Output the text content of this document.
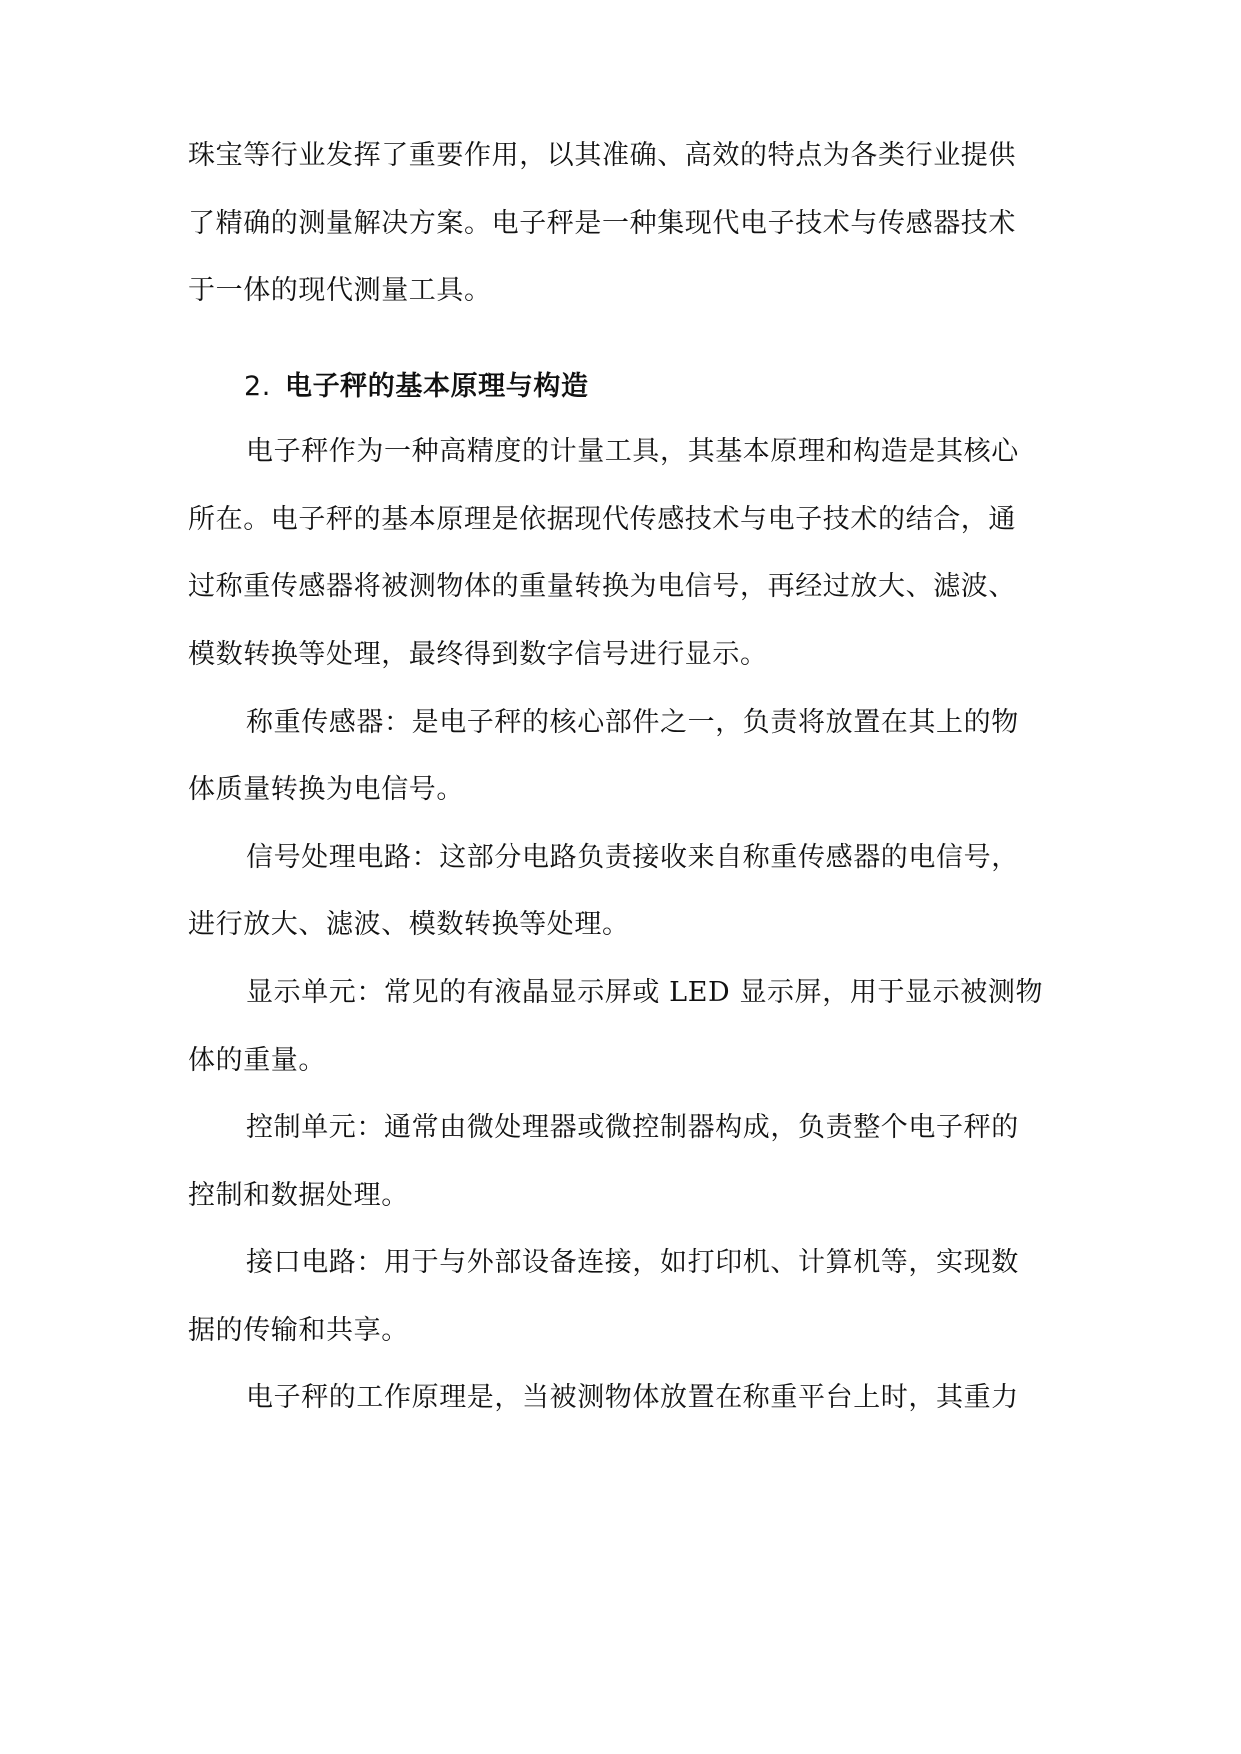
珠宝等行业发挥了重要作用，以其准确、高效的特点为各类行业提供
了精确的测量解决方案。电子秤是一种集现代电子技术与传感器技术
于一体的现代测量工具。
2. 电子秤的基本原理与构造
电子秤作为一种高精度的计量工具，其基本原理和构造是其核心
所在。电子秤的基本原理是依据现代传感技术与电子技术的结合，通
过称重传感器将被测物体的重量转换为电信号，再经过放大、滤波、
模数转换等处理，最终得到数字信号进行显示。
称重传感器：是电子秤的核心部件之一，负责将放置在其上的物
体质量转换为电信号。
信号处理电路：这部分电路负责接收来自称重传感器的电信号，
进行放大、滤波、模数转换等处理。
显示单元：常见的有液晶显示屏或 LED 显示屏，用于显示被测物
体的重量。
控制单元：通常由微处理器或微控制器构成，负责整个电子秤的
控制和数据处理。
接口电路：用于与外部设备连接，如打印机、计算机等，实现数
据的传输和共享。
电子秤的工作原理是，当被测物体放置在称重平台上时，其重力
